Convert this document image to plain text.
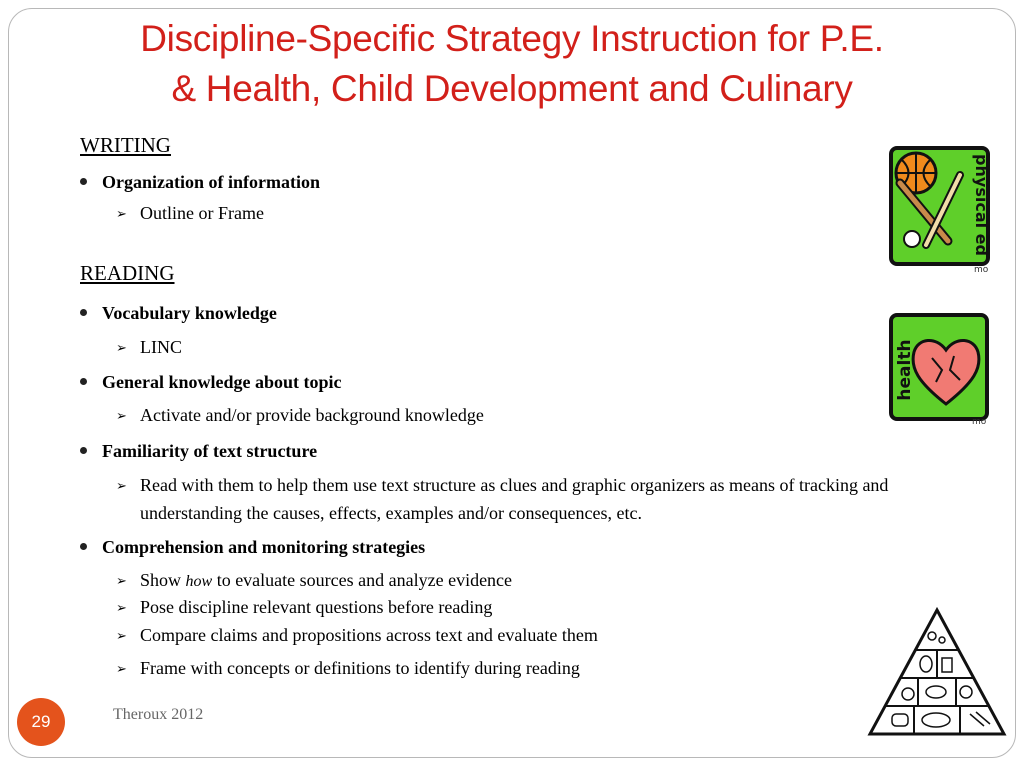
Discipline-Specific Strategy Instruction for P.E.
& Health, Child Development and Culinary
WRITING
Organization of information
➢ Outline or Frame
READING
Vocabulary knowledge
➢ LINC
General knowledge about topic
➢ Activate and/or provide background knowledge
Familiarity of text structure
➢ Read with them to help them use text structure as clues and graphic organizers as means of tracking and understanding the causes, effects, examples and/or consequences, etc.
Comprehension and monitoring strategies
➢ Show how to evaluate sources and analyze evidence
➢ Pose discipline relevant questions before reading
➢ Compare claims and propositions across text and evaluate them
➢ Frame with concepts or definitions to identify during reading
physical ed
mo
health
mo
29	Theroux 2012
